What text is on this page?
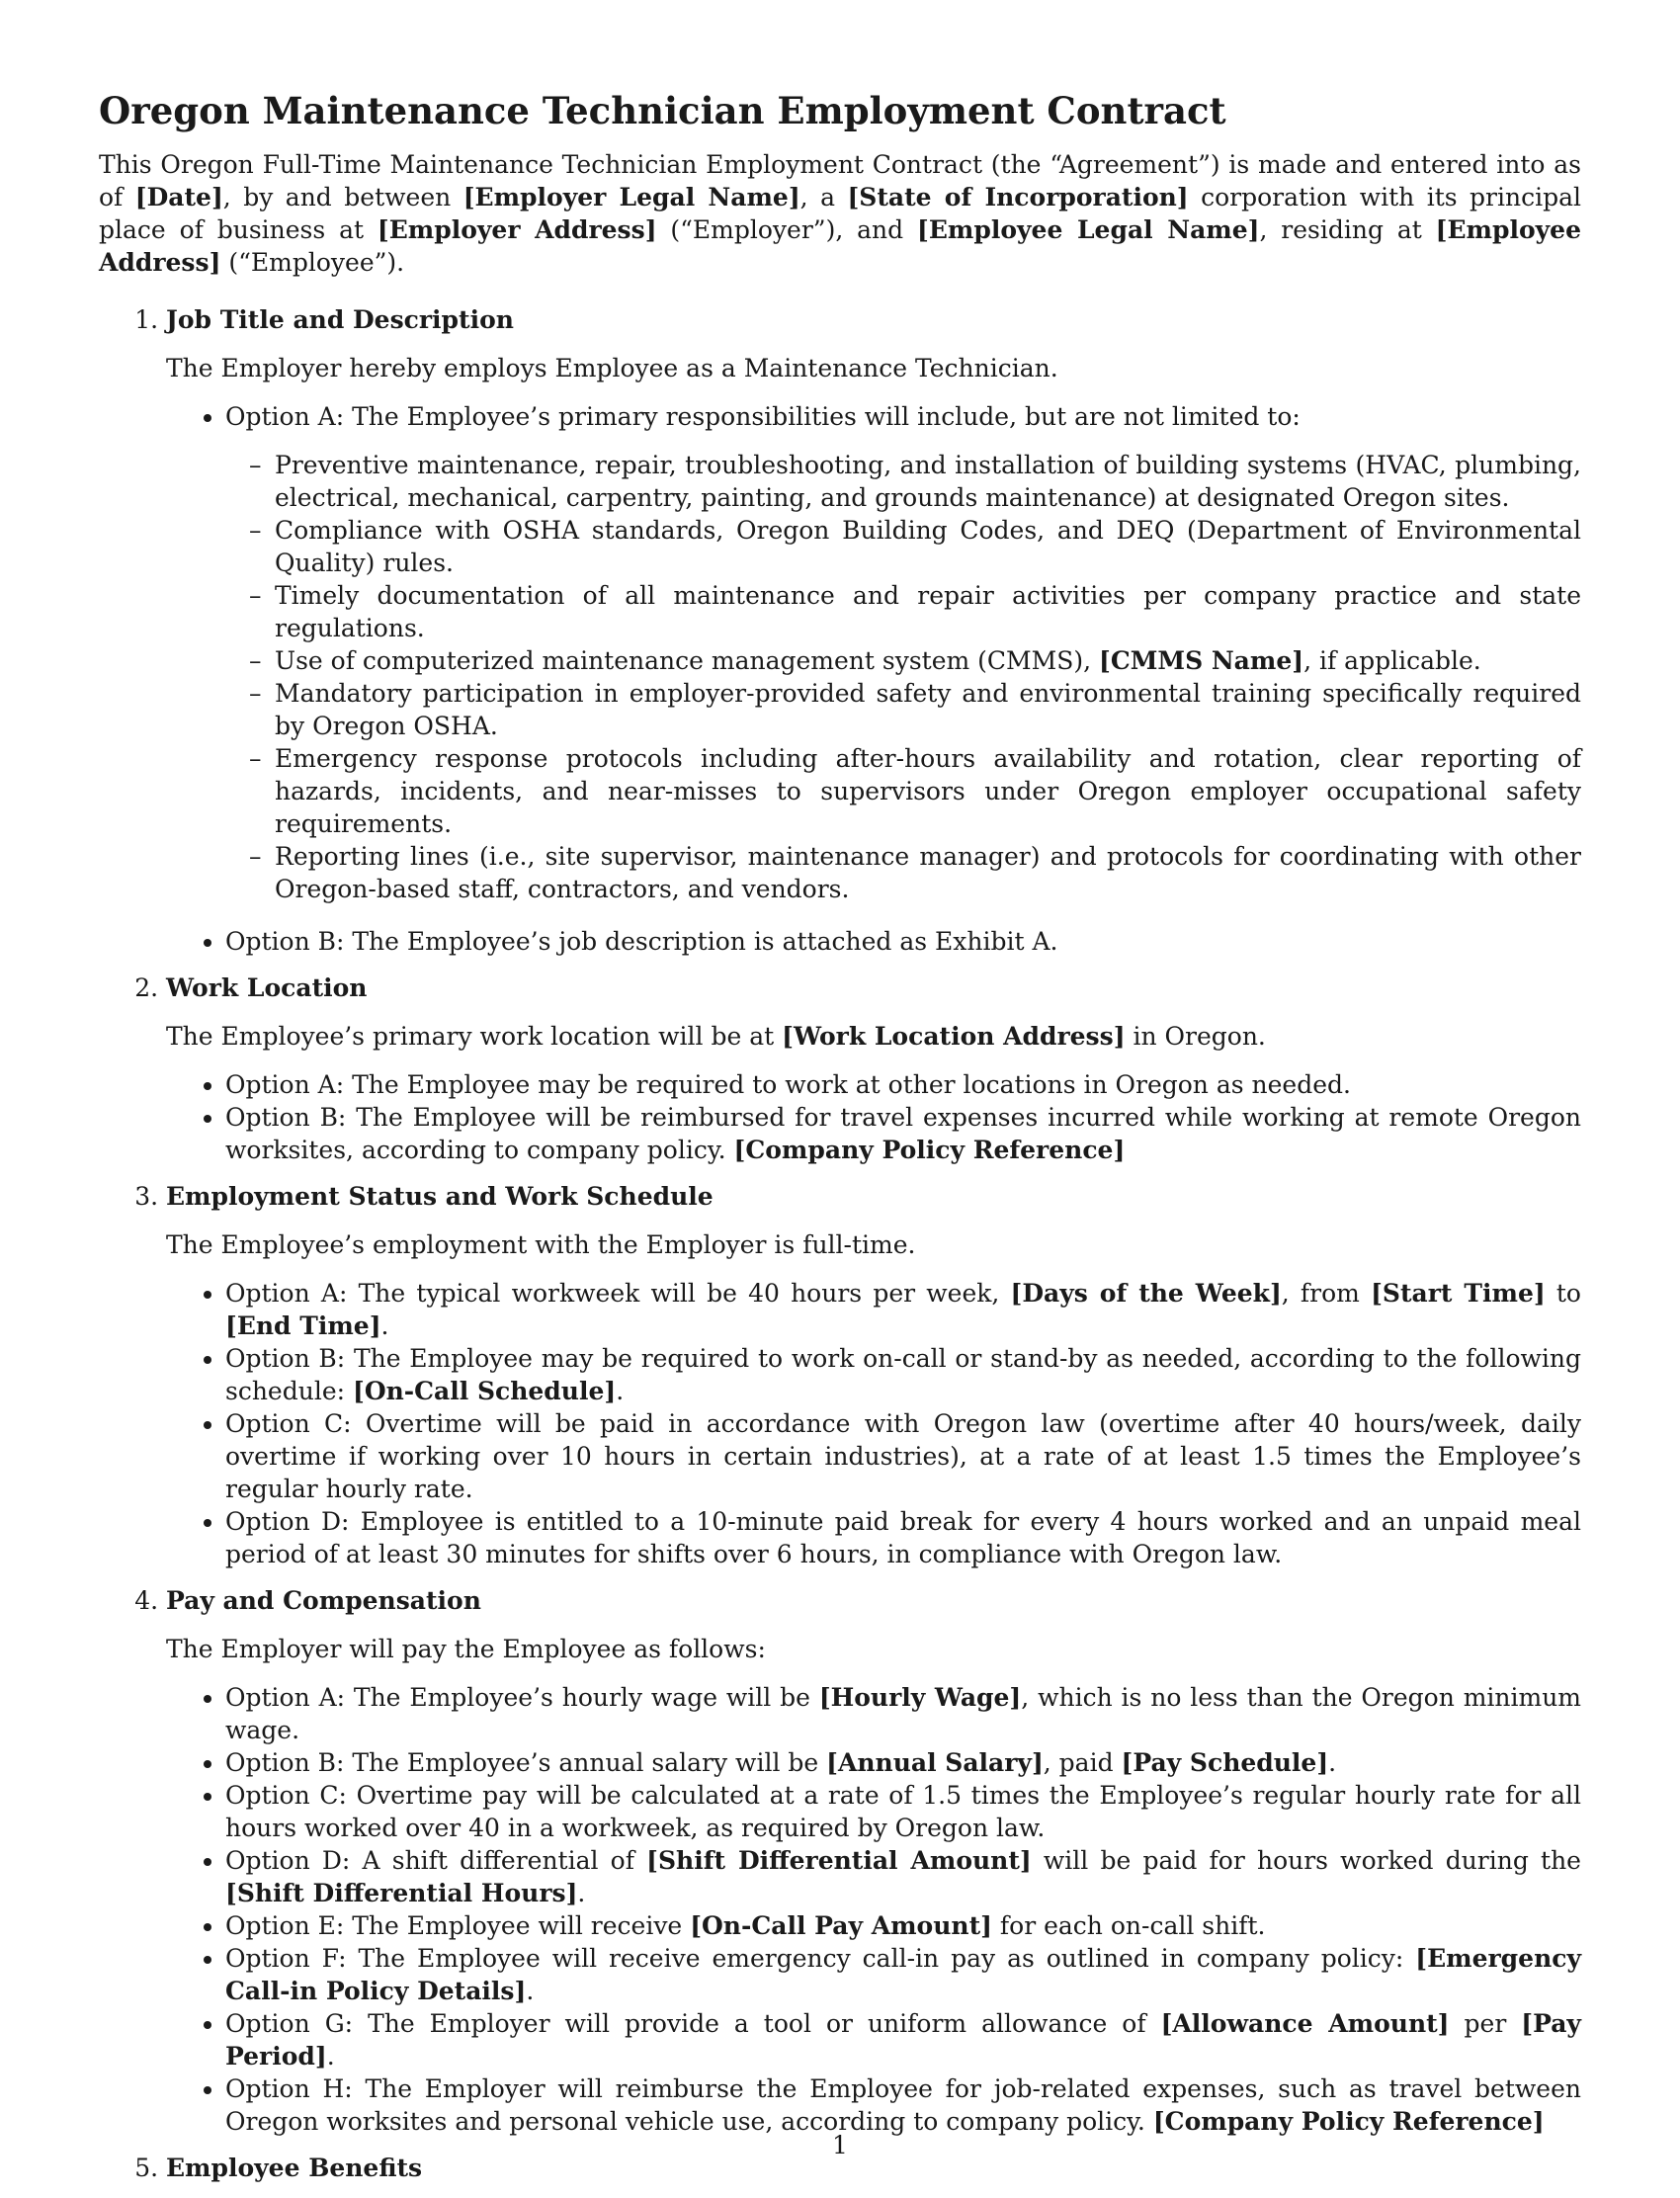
Oregon Maintenance Technician Employment Contract

This Oregon Full-Time Maintenance Technician Employment Contract (the “Agreement”) is made and entered into as of [Date], by and between [Employer Legal Name], a [State of Incorporation] corporation with its principal place of business at [Employer Address] (“Employer”), and [Employee Legal Name], residing at [Employee Address] (“Employee”).

1. Job Title and Description
The Employer hereby employs Employee as a Maintenance Technician.
• Option A: The Employee’s primary responsibilities will include, but are not limited to:
– Preventive maintenance, repair, troubleshooting, and installation of building systems (HVAC, plumbing, electrical, mechanical, carpentry, painting, and grounds maintenance) at designated Oregon sites.
– Compliance with OSHA standards, Oregon Building Codes, and DEQ (Department of Environmental Quality) rules.
– Timely documentation of all maintenance and repair activities per company practice and state regulations.
– Use of computerized maintenance management system (CMMS), [CMMS Name], if applicable.
– Mandatory participation in employer-provided safety and environmental training specifically required by Oregon OSHA.
– Emergency response protocols including after-hours availability and rotation, clear reporting of hazards, incidents, and near-misses to supervisors under Oregon employer occupational safety requirements.
– Reporting lines (i.e., site supervisor, maintenance manager) and protocols for coordinating with other Oregon-based staff, contractors, and vendors.
• Option B: The Employee’s job description is attached as Exhibit A.
2. Work Location
The Employee’s primary work location will be at [Work Location Address] in Oregon.
• Option A: The Employee may be required to work at other locations in Oregon as needed.
• Option B: The Employee will be reimbursed for travel expenses incurred while working at remote Oregon worksites, according to company policy. [Company Policy Reference]
3. Employment Status and Work Schedule
The Employee’s employment with the Employer is full-time.
• Option A: The typical workweek will be 40 hours per week, [Days of the Week], from [Start Time] to [End Time].
• Option B: The Employee may be required to work on-call or stand-by as needed, according to the following schedule: [On-Call Schedule].
• Option C: Overtime will be paid in accordance with Oregon law (overtime after 40 hours/week, daily overtime if working over 10 hours in certain industries), at a rate of at least 1.5 times the Employee’s regular hourly rate.
• Option D: Employee is entitled to a 10-minute paid break for every 4 hours worked and an unpaid meal period of at least 30 minutes for shifts over 6 hours, in compliance with Oregon law.
4. Pay and Compensation
The Employer will pay the Employee as follows:
• Option A: The Employee’s hourly wage will be [Hourly Wage], which is no less than the Oregon minimum wage.
• Option B: The Employee’s annual salary will be [Annual Salary], paid [Pay Schedule].
• Option C: Overtime pay will be calculated at a rate of 1.5 times the Employee’s regular hourly rate for all hours worked over 40 in a workweek, as required by Oregon law.
• Option D: A shift differential of [Shift Differential Amount] will be paid for hours worked during the [Shift Differential Hours].
• Option E: The Employee will receive [On-Call Pay Amount] for each on-call shift.
• Option F: The Employee will receive emergency call-in pay as outlined in company policy: [Emergency Call-in Policy Details].
• Option G: The Employer will provide a tool or uniform allowance of [Allowance Amount] per [Pay Period].
• Option H: The Employer will reimburse the Employee for job-related expenses, such as travel between Oregon worksites and personal vehicle use, according to company policy. [Company Policy Reference]
5. Employee Benefits
1
